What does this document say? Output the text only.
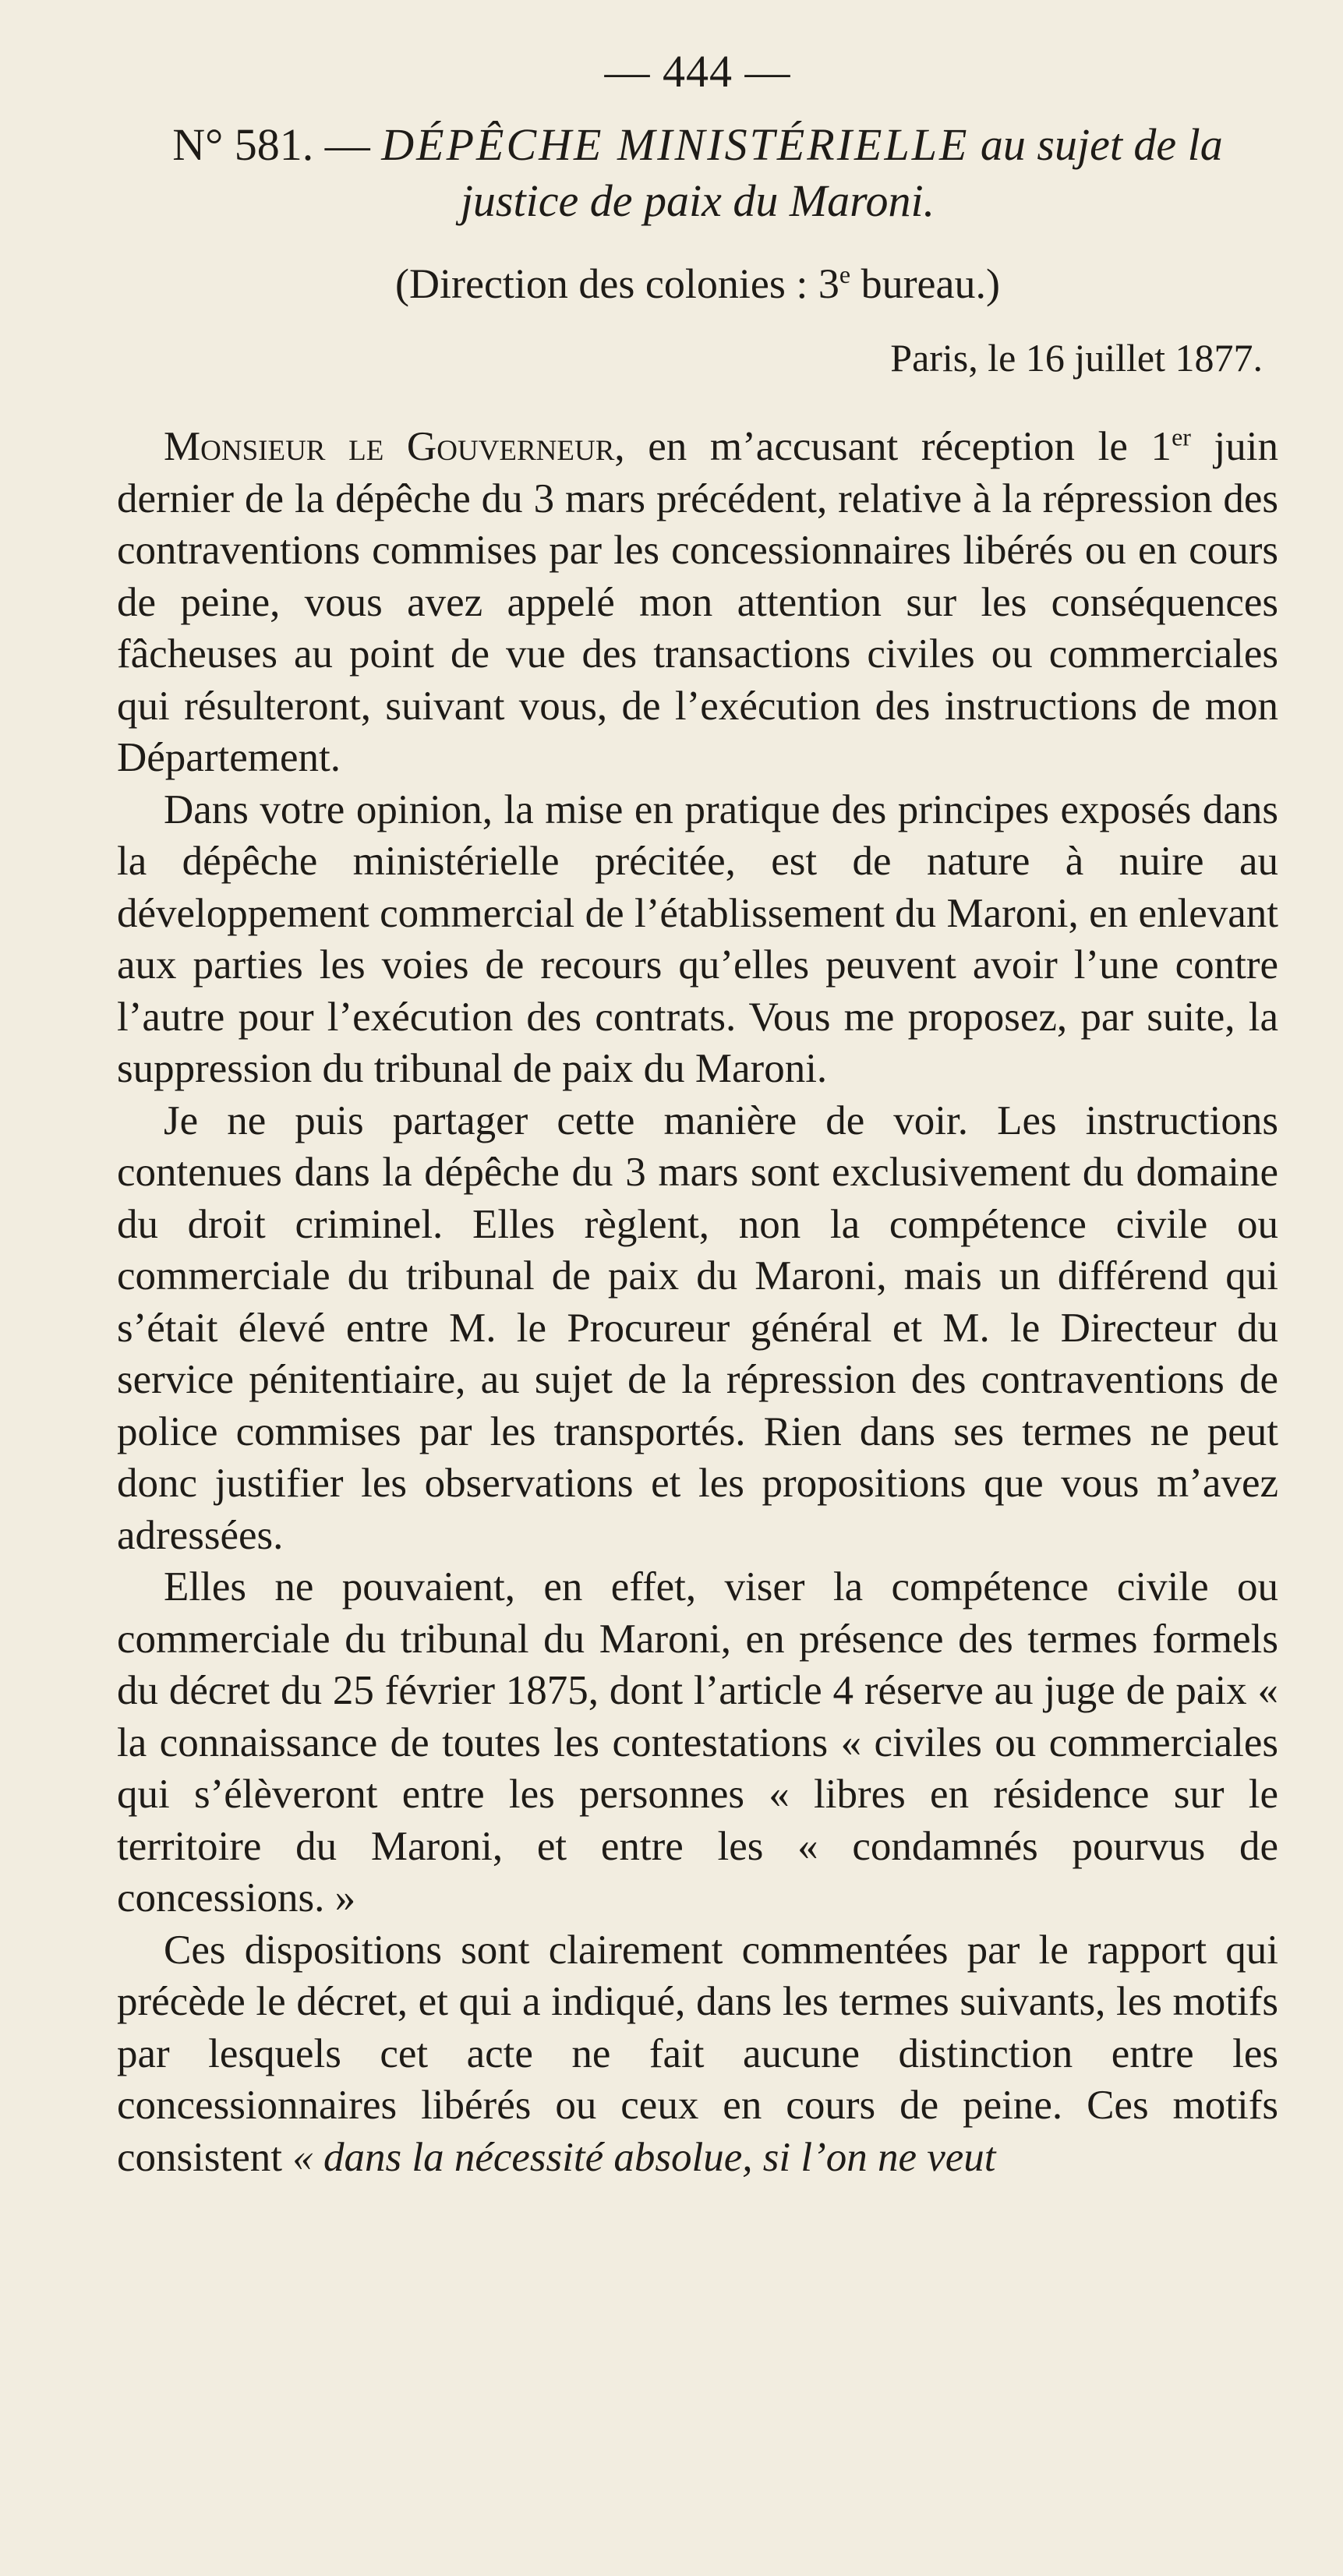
— 444 —
N° 581. — DÉPÊCHE MINISTÉRIELLE au sujet de la
justice de paix du Maroni.
(Direction des colonies : 3e bureau.)
Paris, le 16 juillet 1877.

Monsieur le Gouverneur, en m’accusant réception le 1er juin dernier de la dépêche du 3 mars précédent, relative à la répression des contraventions commises par les concessionnaires libérés ou en cours de peine, vous avez appelé mon attention sur les conséquences fâcheuses au point de vue des transactions civiles ou commerciales qui résulteront, suivant vous, de l’exécution des instructions de mon Département.

Dans votre opinion, la mise en pratique des principes exposés dans la dépêche ministérielle précitée, est de nature à nuire au développement commercial de l’établissement du Maroni, en enlevant aux parties les voies de recours qu’elles peuvent avoir l’une contre l’autre pour l’exécution des contrats. Vous me proposez, par suite, la suppression du tribunal de paix du Maroni.

Je ne puis partager cette manière de voir. Les instructions contenues dans la dépêche du 3 mars sont exclusivement du domaine du droit criminel. Elles règlent, non la compétence civile ou commerciale du tribunal de paix du Maroni, mais un différend qui s’était élevé entre M. le Procureur général et M. le Directeur du service pénitentiaire, au sujet de la répression des contraventions de police commises par les transportés. Rien dans ses termes ne peut donc justifier les observations et les propositions que vous m’avez adressées.

Elles ne pouvaient, en effet, viser la compétence civile ou commerciale du tribunal du Maroni, en présence des termes formels du décret du 25 février 1875, dont l’article 4 réserve au juge de paix « la connaissance de toutes les contestations « civiles ou commerciales qui s’élèveront entre les personnes « libres en résidence sur le territoire du Maroni, et entre les « condamnés pourvus de concessions. »

Ces dispositions sont clairement commentées par le rapport qui précède le décret, et qui a indiqué, dans les termes suivants, les motifs par lesquels cet acte ne fait aucune distinction entre les concessionnaires libérés ou ceux en cours de peine. Ces motifs consistent « dans la nécessité absolue, si l’on ne veut
